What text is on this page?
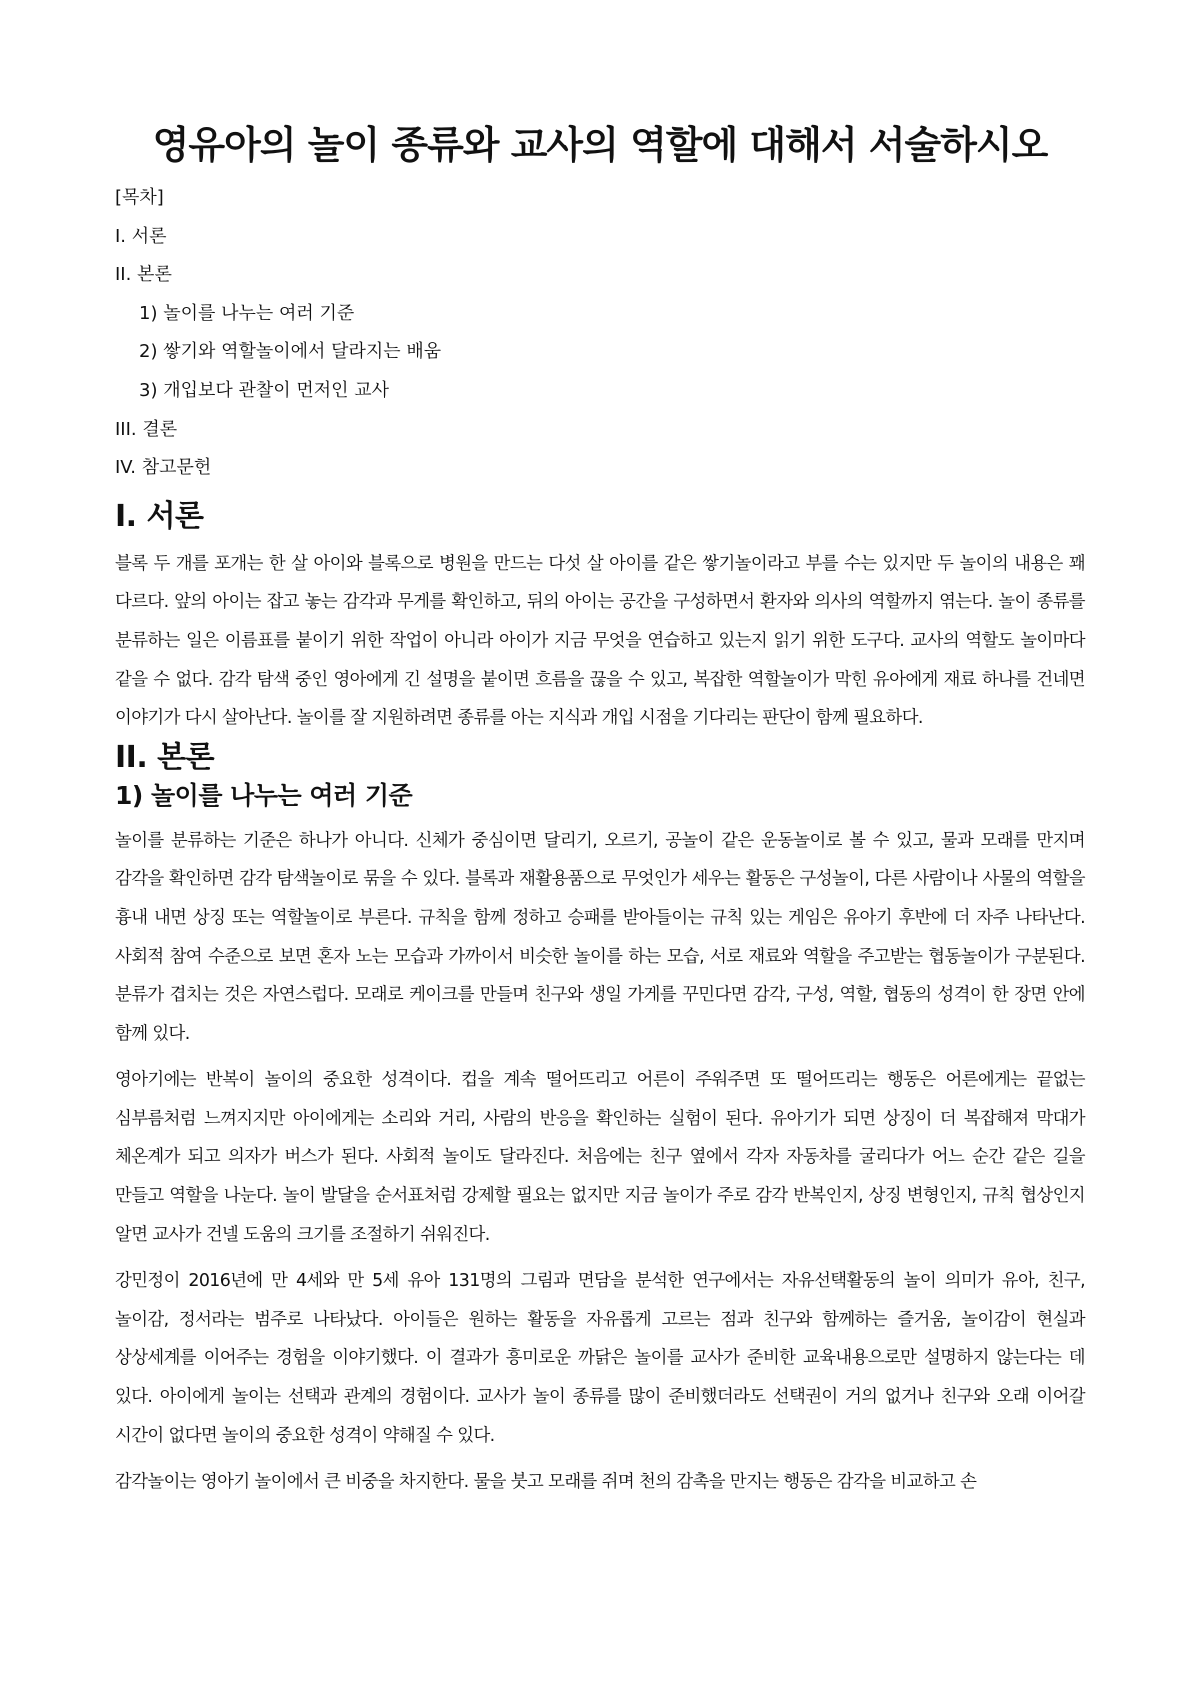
영유아의 놀이 종류와 교사의 역할에 대해서 서술하시오
[목차]
I. 서론
II. 본론
1) 놀이를 나누는 여러 기준
2) 쌓기와 역할놀이에서 달라지는 배움
3) 개입보다 관찰이 먼저인 교사
III. 결론
IV. 참고문헌
I. 서론

블록 두 개를 포개는 한 살 아이와 블록으로 병원을 만드는 다섯 살 아이를 같은 쌓기놀이라고 부를 수는 있지만 두 놀이의 내용은 꽤 다르다. 앞의 아이는 잡고 놓는 감각과 무게를 확인하고, 뒤의 아이는 공간을 구성하면서 환자와 의사의 역할까지 엮는다. 놀이 종류를 분류하는 일은 이름표를 붙이기 위한 작업이 아니라 아이가 지금 무엇을 연습하고 있는지 읽기 위한 도구다. 교사의 역할도 놀이마다 같을 수 없다. 감각 탐색 중인 영아에게 긴 설명을 붙이면 흐름을 끊을 수 있고, 복잡한 역할놀이가 막힌 유아에게 재료 하나를 건네면 이야기가 다시 살아난다. 놀이를 잘 지원하려면 종류를 아는 지식과 개입 시점을 기다리는 판단이 함께 필요하다.

II. 본론
1) 놀이를 나누는 여러 기준

놀이를 분류하는 기준은 하나가 아니다. 신체가 중심이면 달리기, 오르기, 공놀이 같은 운동놀이로 볼 수 있고, 물과 모래를 만지며 감각을 확인하면 감각 탐색놀이로 묶을 수 있다. 블록과 재활용품으로 무엇인가 세우는 활동은 구성놀이, 다른 사람이나 사물의 역할을 흉내 내면 상징 또는 역할놀이로 부른다. 규칙을 함께 정하고 승패를 받아들이는 규칙 있는 게임은 유아기 후반에 더 자주 나타난다. 사회적 참여 수준으로 보면 혼자 노는 모습과 가까이서 비슷한 놀이를 하는 모습, 서로 재료와 역할을 주고받는 협동놀이가 구분된다. 분류가 겹치는 것은 자연스럽다. 모래로 케이크를 만들며 친구와 생일 가게를 꾸민다면 감각, 구성, 역할, 협동의 성격이 한 장면 안에 함께 있다.

영아기에는 반복이 놀이의 중요한 성격이다. 컵을 계속 떨어뜨리고 어른이 주워주면 또 떨어뜨리는 행동은 어른에게는 끝없는 심부름처럼 느껴지지만 아이에게는 소리와 거리, 사람의 반응을 확인하는 실험이 된다. 유아기가 되면 상징이 더 복잡해져 막대가 체온계가 되고 의자가 버스가 된다. 사회적 놀이도 달라진다. 처음에는 친구 옆에서 각자 자동차를 굴리다가 어느 순간 같은 길을 만들고 역할을 나눈다. 놀이 발달을 순서표처럼 강제할 필요는 없지만 지금 놀이가 주로 감각 반복인지, 상징 변형인지, 규칙 협상인지 알면 교사가 건넬 도움의 크기를 조절하기 쉬워진다.

강민정이 2016년에 만 4세와 만 5세 유아 131명의 그림과 면담을 분석한 연구에서는 자유선택활동의 놀이 의미가 유아, 친구, 놀이감, 정서라는 범주로 나타났다. 아이들은 원하는 활동을 자유롭게 고르는 점과 친구와 함께하는 즐거움, 놀이감이 현실과 상상세계를 이어주는 경험을 이야기했다. 이 결과가 흥미로운 까닭은 놀이를 교사가 준비한 교육내용으로만 설명하지 않는다는 데 있다. 아이에게 놀이는 선택과 관계의 경험이다. 교사가 놀이 종류를 많이 준비했더라도 선택권이 거의 없거나 친구와 오래 이어갈 시간이 없다면 놀이의 중요한 성격이 약해질 수 있다.

감각놀이는 영아기 놀이에서 큰 비중을 차지한다. 물을 붓고 모래를 쥐며 천의 감촉을 만지는 행동은 감각을 비교하고 손
